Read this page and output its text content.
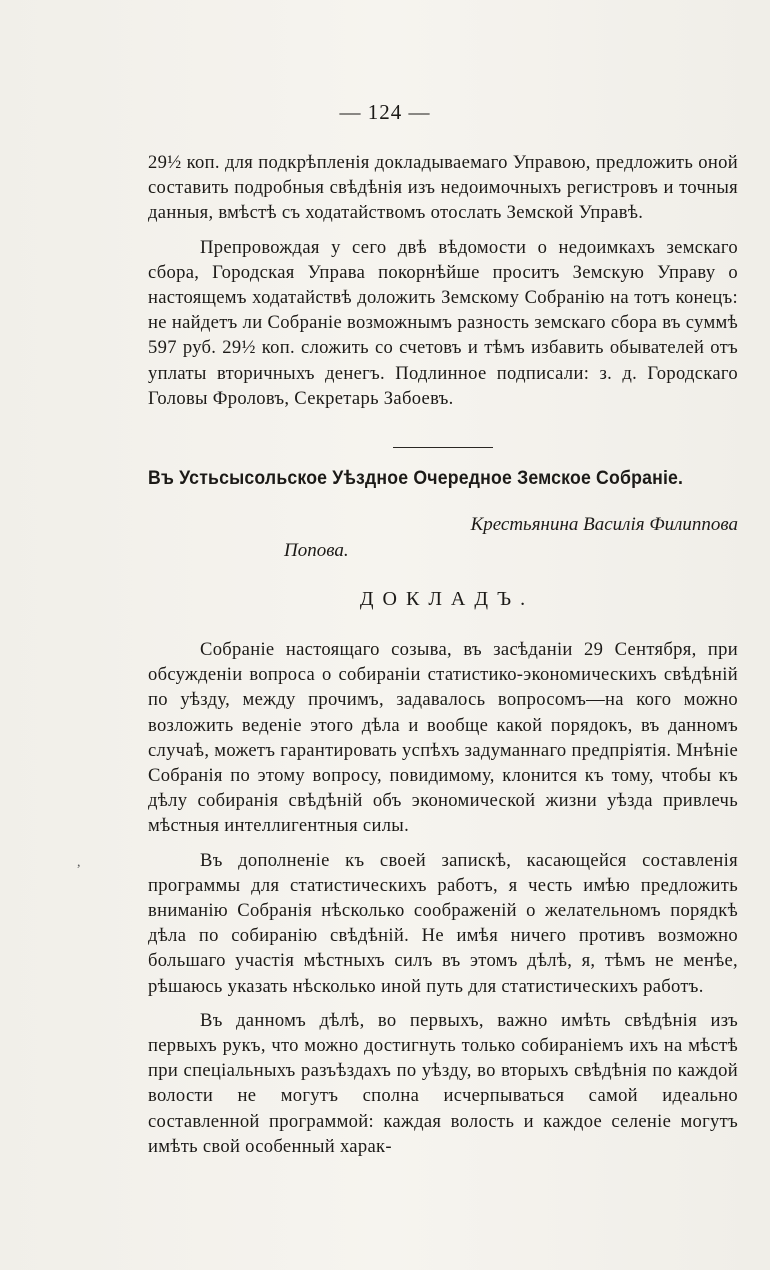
— 124 —
,

29½ коп. для подкрѣпленія докладываемаго Управою, предложить оной составить подробныя свѣдѣнія изъ недоимочныхъ регистровъ и точныя данныя, вмѣстѣ съ ходатайствомъ отослать Земской Управѣ.

Препровождая у сего двѣ вѣдомости о недоимкахъ земскаго сбора, Городская Управа покорнѣйше проситъ Земскую Управу о настоящемъ ходатайствѣ доложить Земскому Собранію на тотъ конецъ: не найдетъ ли Собраніе возможнымъ разность земскаго сбора въ суммѣ 597 руб. 29½ коп. сложить со счетовъ и тѣмъ избавить обывателей отъ уплаты вторичныхъ денегъ. Подлинное подписали: з. д. Городскаго Головы Фроловъ, Секретарь Забоевъ.

Въ Устьсысольское Уѣздное Очередное Земское Собраніе.
Крестьянина Василія Филиппова
Попова.
ДОКЛАДЪ.

Собраніе настоящаго созыва, въ засѣданіи 29 Сентября, при обсужденіи вопроса о собираніи статистико-экономическихъ свѣдѣній по уѣзду, между прочимъ, задавалось вопросомъ—на кого можно возложить веденіе этого дѣла и вообще какой порядокъ, въ данномъ случаѣ, можетъ гарантировать успѣхъ задуманнаго предпріятія. Мнѣніе Собранія по этому вопросу, повидимому, клонится къ тому, чтобы къ дѣлу собиранія свѣдѣній объ экономической жизни уѣзда привлечь мѣстныя интеллигентныя силы.

Въ дополненіе къ своей запискѣ, касающейся составленія программы для статистическихъ работъ, я честь имѣю предложить вниманію Собранія нѣсколько соображеній о желательномъ порядкѣ дѣла по собиранію свѣдѣній. Не имѣя ничего противъ возможно большаго участія мѣстныхъ силъ въ этомъ дѣлѣ, я, тѣмъ не менѣе, рѣшаюсь указать нѣсколько иной путь для статистическихъ работъ.

Въ данномъ дѣлѣ, во первыхъ, важно имѣть свѣдѣнія изъ первыхъ рукъ, что можно достигнуть только собираніемъ ихъ на мѣстѣ при спеціальныхъ разъѣздахъ по уѣзду, во вторыхъ свѣдѣнія по каждой волости не могутъ сполна исчерпываться самой идеально составленной программой: каждая волость и каждое селеніе могутъ имѣть свой особенный харак-
